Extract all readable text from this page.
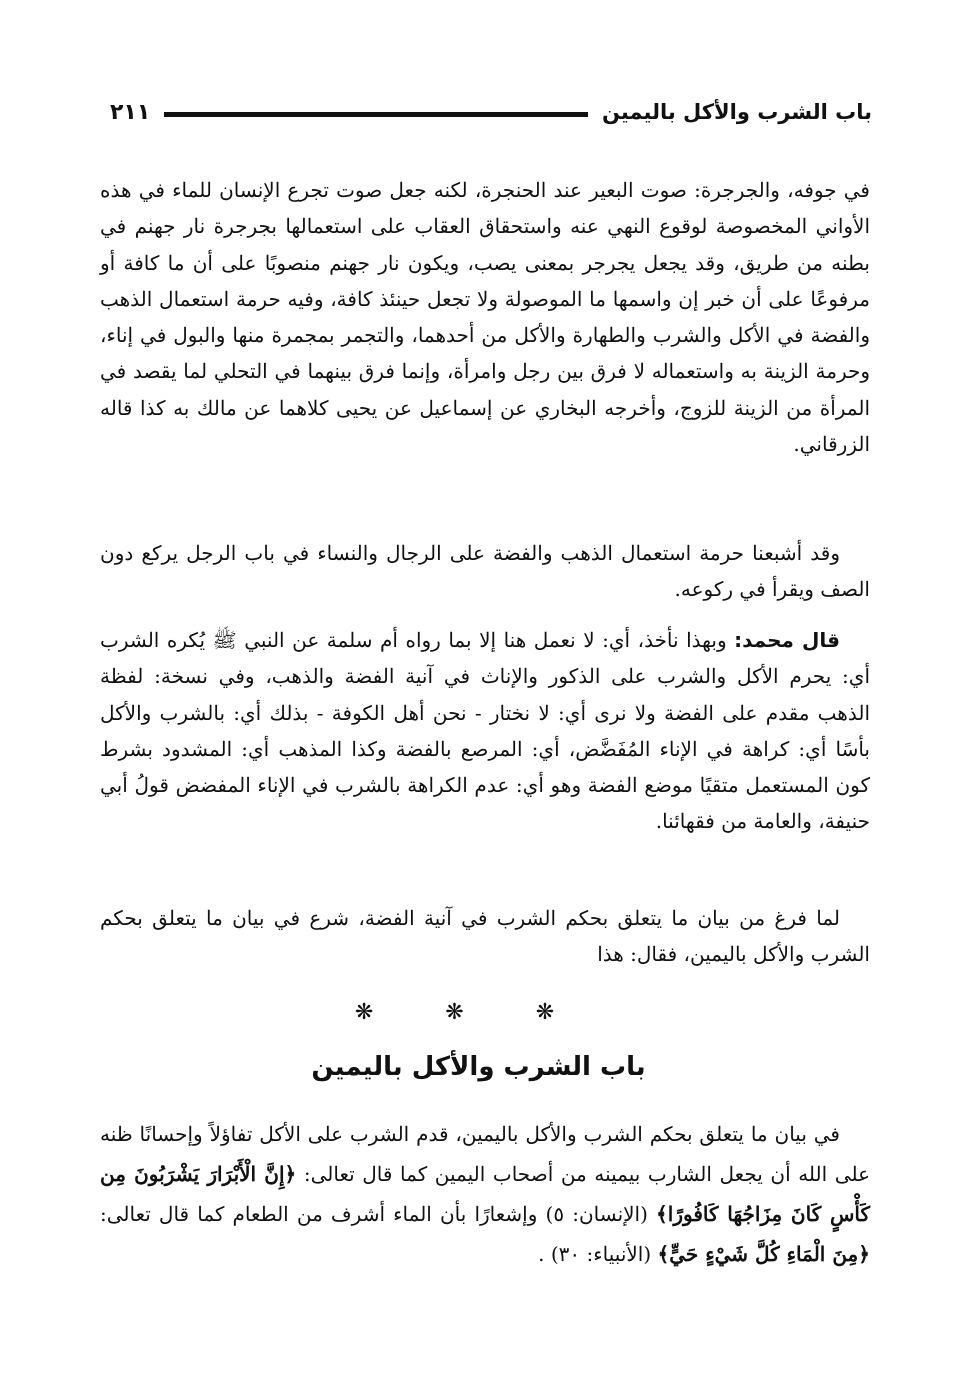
باب الشرب والأكل باليمين
٢١١

في جوفه، والجرجرة: صوت البعير عند الحنجرة، لكنه جعل صوت تجرع الإنسان للماء في هذه الأواني المخصوصة لوقوع النهي عنه واستحقاق العقاب على استعمالها بجرجرة نار جهنم في بطنه من طريق، وقد يجعل يجرجر بمعنى يصب، ويكون نار جهنم منصوبًا على أن ما كافة أو مرفوعًا على أن خبر إن واسمها ما الموصولة ولا تجعل حينئذ كافة، وفيه حرمة استعمال الذهب والفضة في الأكل والشرب والطهارة والأكل من أحدهما، والتجمر بمجمرة منها والبول في إناء، وحرمة الزينة به واستعماله لا فرق بين رجل وامرأة، وإنما فرق بينهما في التحلي لما يقصد في المرأة من الزينة للزوج، وأخرجه البخاري عن إسماعيل عن يحيى كلاهما عن مالك به كذا قاله الزرقاني.

وقد أشبعنا حرمة استعمال الذهب والفضة على الرجال والنساء في باب الرجل يركع دون الصف ويقرأ في ركوعه.

قال محمد: وبهذا نأخذ، أي: لا نعمل هنا إلا بما رواه أم سلمة عن النبي ﷺ يُكره الشرب أي: يحرم الأكل والشرب على الذكور والإناث في آنية الفضة والذهب، وفي نسخة: لفظة الذهب مقدم على الفضة ولا نرى أي: لا نختار - نحن أهل الكوفة - بذلك أي: بالشرب والأكل بأسًا أي: كراهة في الإناء المُفَضَّض، أي: المرصع بالفضة وكذا المذهب أي: المشدود بشرط كون المستعمل متقيًا موضع الفضة وهو أي: عدم الكراهة بالشرب في الإناء المفضض قولُ أبي حنيفة، والعامة من فقهائنا.

لما فرغ من بيان ما يتعلق بحكم الشرب في آنية الفضة، شرع في بيان ما يتعلق بحكم الشرب والأكل باليمين، فقال: هذا

❋ ❋ ❋
باب الشرب والأكل باليمين

في بيان ما يتعلق بحكم الشرب والأكل باليمين، قدم الشرب على الأكل تفاؤلاً وإحسانًا ظنه على الله أن يجعل الشارب بيمينه من أصحاب اليمين كما قال تعالى: ﴿إِنَّ الْأَبْرَارَ يَشْرَبُونَ مِن كَأْسٍ كَانَ مِزَاجُهَا كَافُورًا﴾ (الإنسان: ٥) وإشعارًا بأن الماء أشرف من الطعام كما قال تعالى: ﴿مِنَ الْمَاءِ كُلَّ شَيْءٍ حَيٍّ﴾ (الأنبياء: ٣٠) .
